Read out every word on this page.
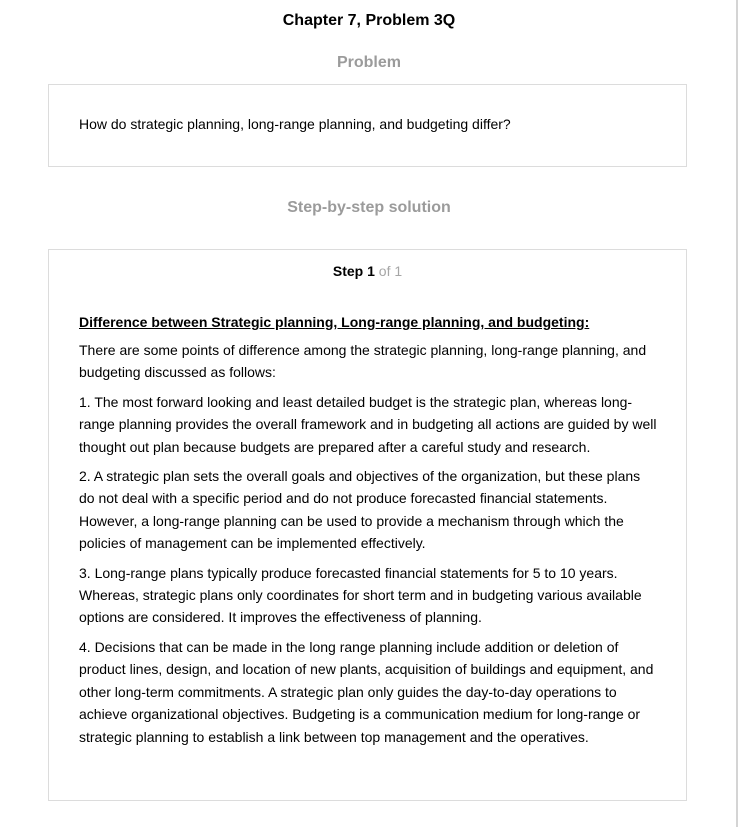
Chapter 7, Problem 3Q
Problem
How do strategic planning, long-range planning, and budgeting differ?
Step-by-step solution
Step 1 of 1
Difference between Strategic planning, Long-range planning, and budgeting:

There are some points of difference among the strategic planning, long-range planning, and budgeting discussed as follows:

1. The most forward looking and least detailed budget is the strategic plan, whereas long-range planning provides the overall framework and in budgeting all actions are guided by well thought out plan because budgets are prepared after a careful study and research.

2. A strategic plan sets the overall goals and objectives of the organization, but these plans do not deal with a specific period and do not produce forecasted financial statements. However, a long-range planning can be used to provide a mechanism through which the policies of management can be implemented effectively.

3. Long-range plans typically produce forecasted financial statements for 5 to 10 years. Whereas, strategic plans only coordinates for short term and in budgeting various available options are considered. It improves the effectiveness of planning.

4. Decisions that can be made in the long range planning include addition or deletion of product lines, design, and location of new plants, acquisition of buildings and equipment, and other long-term commitments. A strategic plan only guides the day-to-day operations to achieve organizational objectives. Budgeting is a communication medium for long-range or strategic planning to establish a link between top management and the operatives.
